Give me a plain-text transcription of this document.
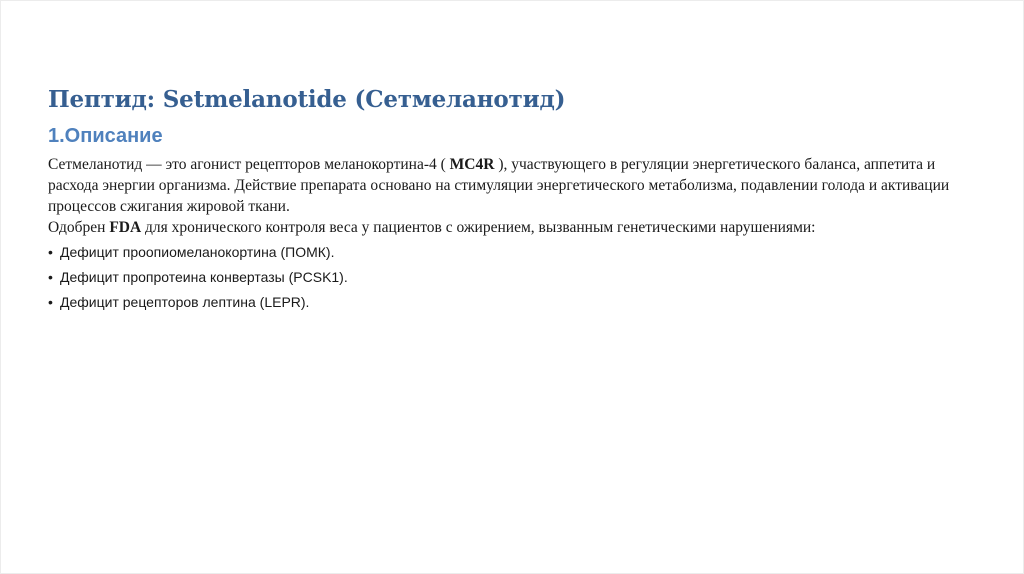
Пептид: Setmelanotide (Сетмеланотид)
1.Описание

Сетмеланотид — это агонист рецепторов меланокортина-4 ( MC4R ), участвующего в регуляции энергетического баланса, аппетита и расхода энергии организма. Действие препарата основано на стимуляции энергетического метаболизма, подавлении голода и активации процессов сжигания жировой ткани.

Одобрен FDA для хронического контроля веса у пациентов с ожирением, вызванным генетическими нарушениями:

• Дефицит проопиомеланокортина (ПОМК).
• Дефицит пропротеина конвертазы (PCSK1).
• Дефицит рецепторов лептина (LEPR).
